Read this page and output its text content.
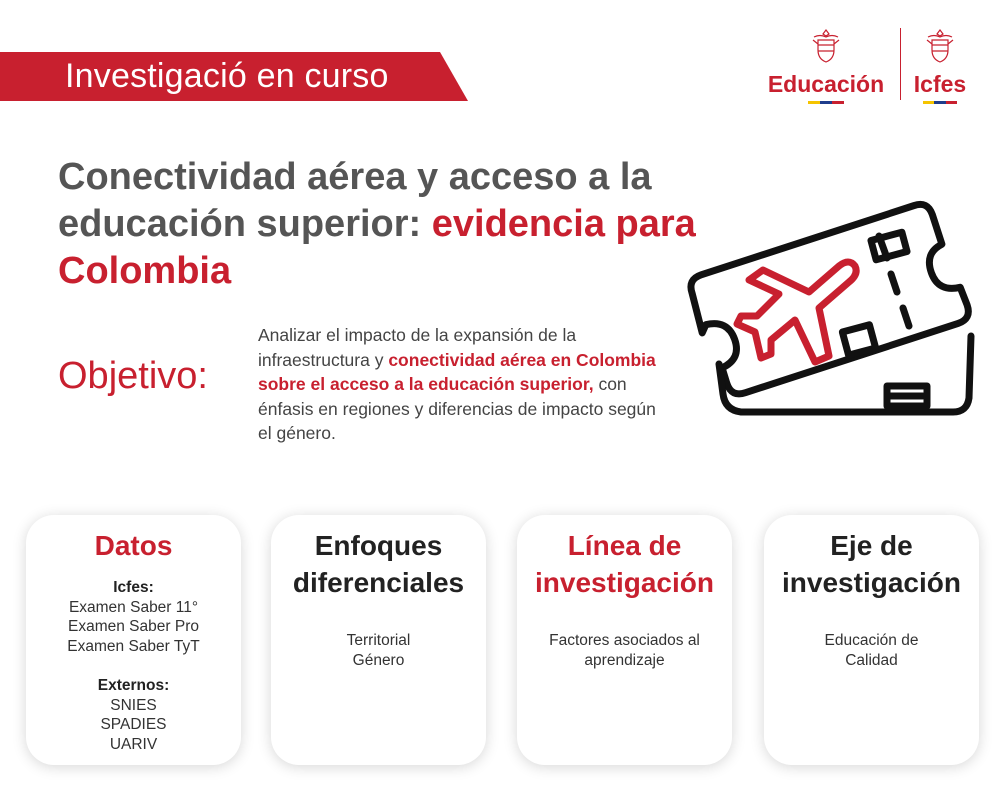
Investigació en curso	Educación Icfes
Conectividad aérea y acceso a la educación superior: evidencia para Colombia
Objetivo:

Analizar el impacto de la expansión de la infraestructura y conectividad aérea en Colombia sobre el acceso a la educación superior, con énfasis en regiones y diferencias de impacto según el género.

Datos
Icfes:
Examen Saber 11°
Examen Saber Pro
Examen Saber TyT
Externos:
SNIES
SPADIES
UARIV
Enfoques diferenciales
Territorial
Género
Línea de investigación
Factores asociados al aprendizaje
Eje de investigación
Educación de Calidad
